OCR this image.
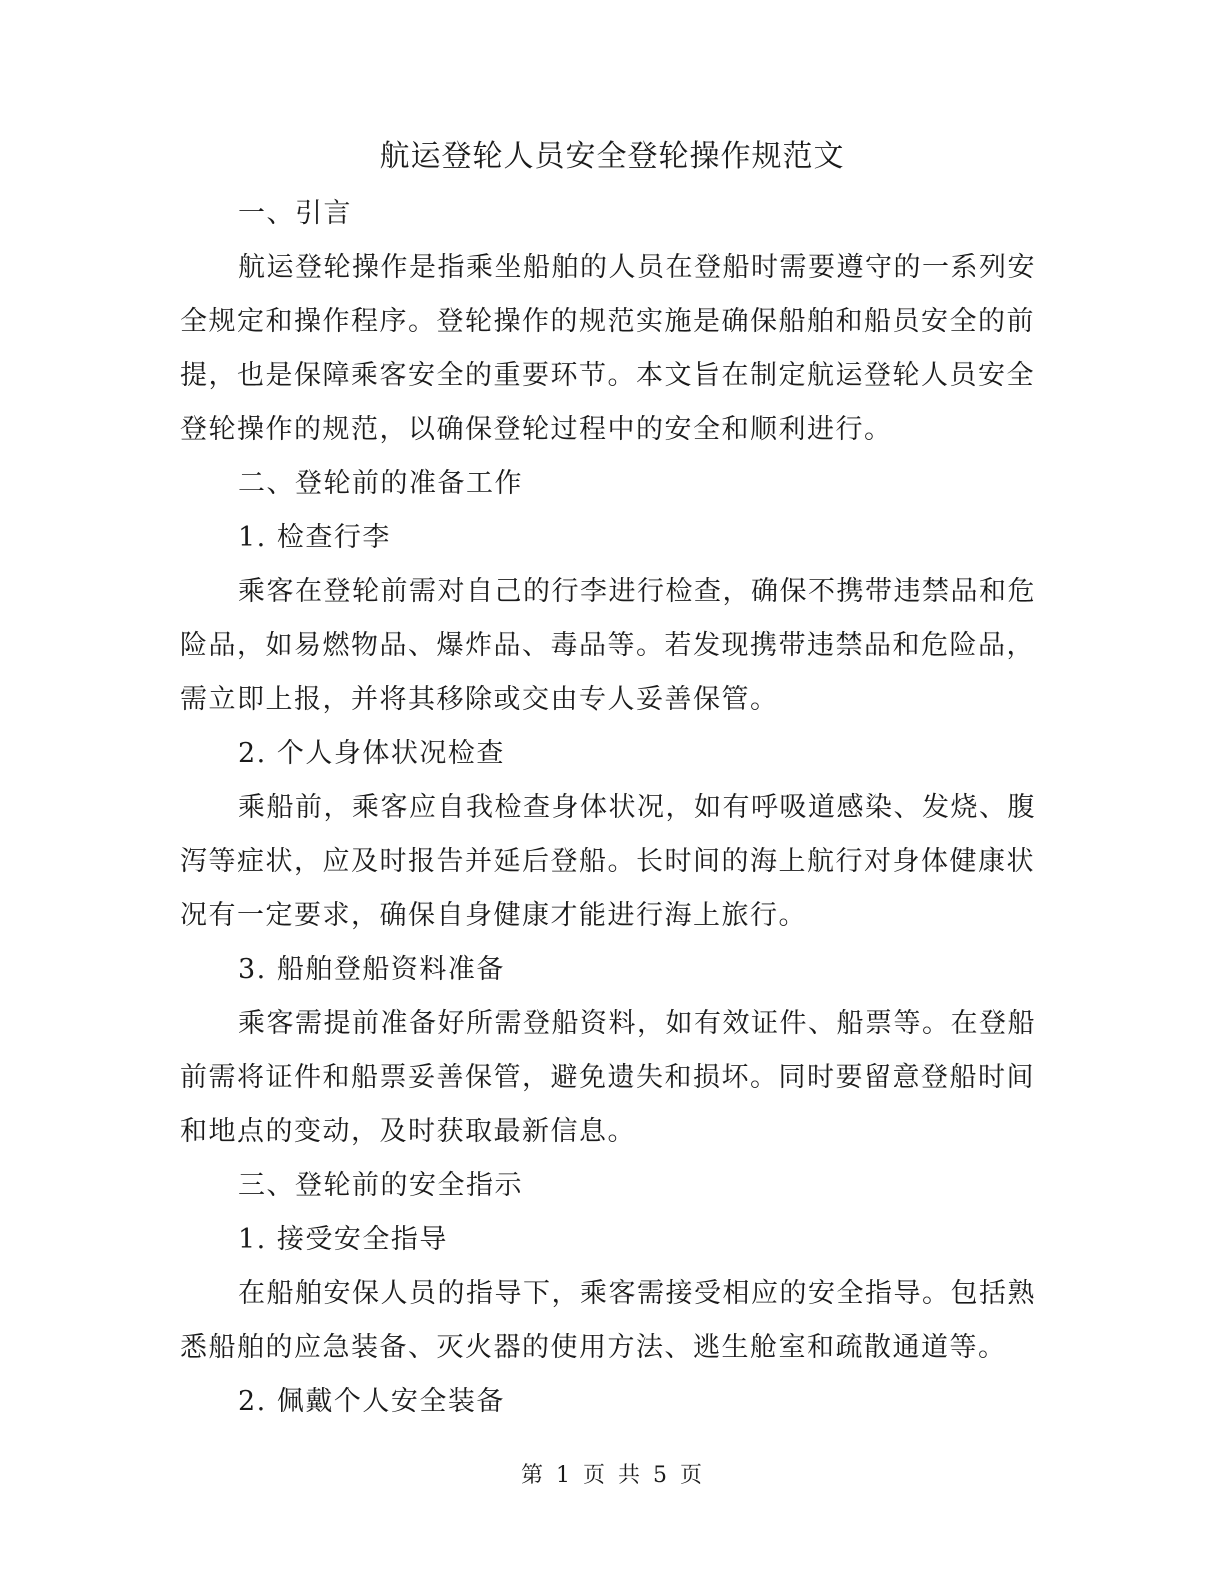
航运登轮人员安全登轮操作规范文
一、引言
航运登轮操作是指乘坐船舶的人员在登船时需要遵守的一系列安
全规定和操作程序。登轮操作的规范实施是确保船舶和船员安全的前
提，也是保障乘客安全的重要环节。本文旨在制定航运登轮人员安全
登轮操作的规范，以确保登轮过程中的安全和顺利进行。
二、登轮前的准备工作
1. 检查行李
乘客在登轮前需对自己的行李进行检查，确保不携带违禁品和危
险品，如易燃物品、爆炸品、毒品等。若发现携带违禁品和危险品，
需立即上报，并将其移除或交由专人妥善保管。
2. 个人身体状况检查
乘船前，乘客应自我检查身体状况，如有呼吸道感染、发烧、腹
泻等症状，应及时报告并延后登船。长时间的海上航行对身体健康状
况有一定要求，确保自身健康才能进行海上旅行。
3. 船舶登船资料准备
乘客需提前准备好所需登船资料，如有效证件、船票等。在登船
前需将证件和船票妥善保管，避免遗失和损坏。同时要留意登船时间
和地点的变动，及时获取最新信息。
三、登轮前的安全指示
1. 接受安全指导
在船舶安保人员的指导下，乘客需接受相应的安全指导。包括熟
悉船舶的应急装备、灭火器的使用方法、逃生舱室和疏散通道等。
2. 佩戴个人安全装备
第 1 页 共 5 页
